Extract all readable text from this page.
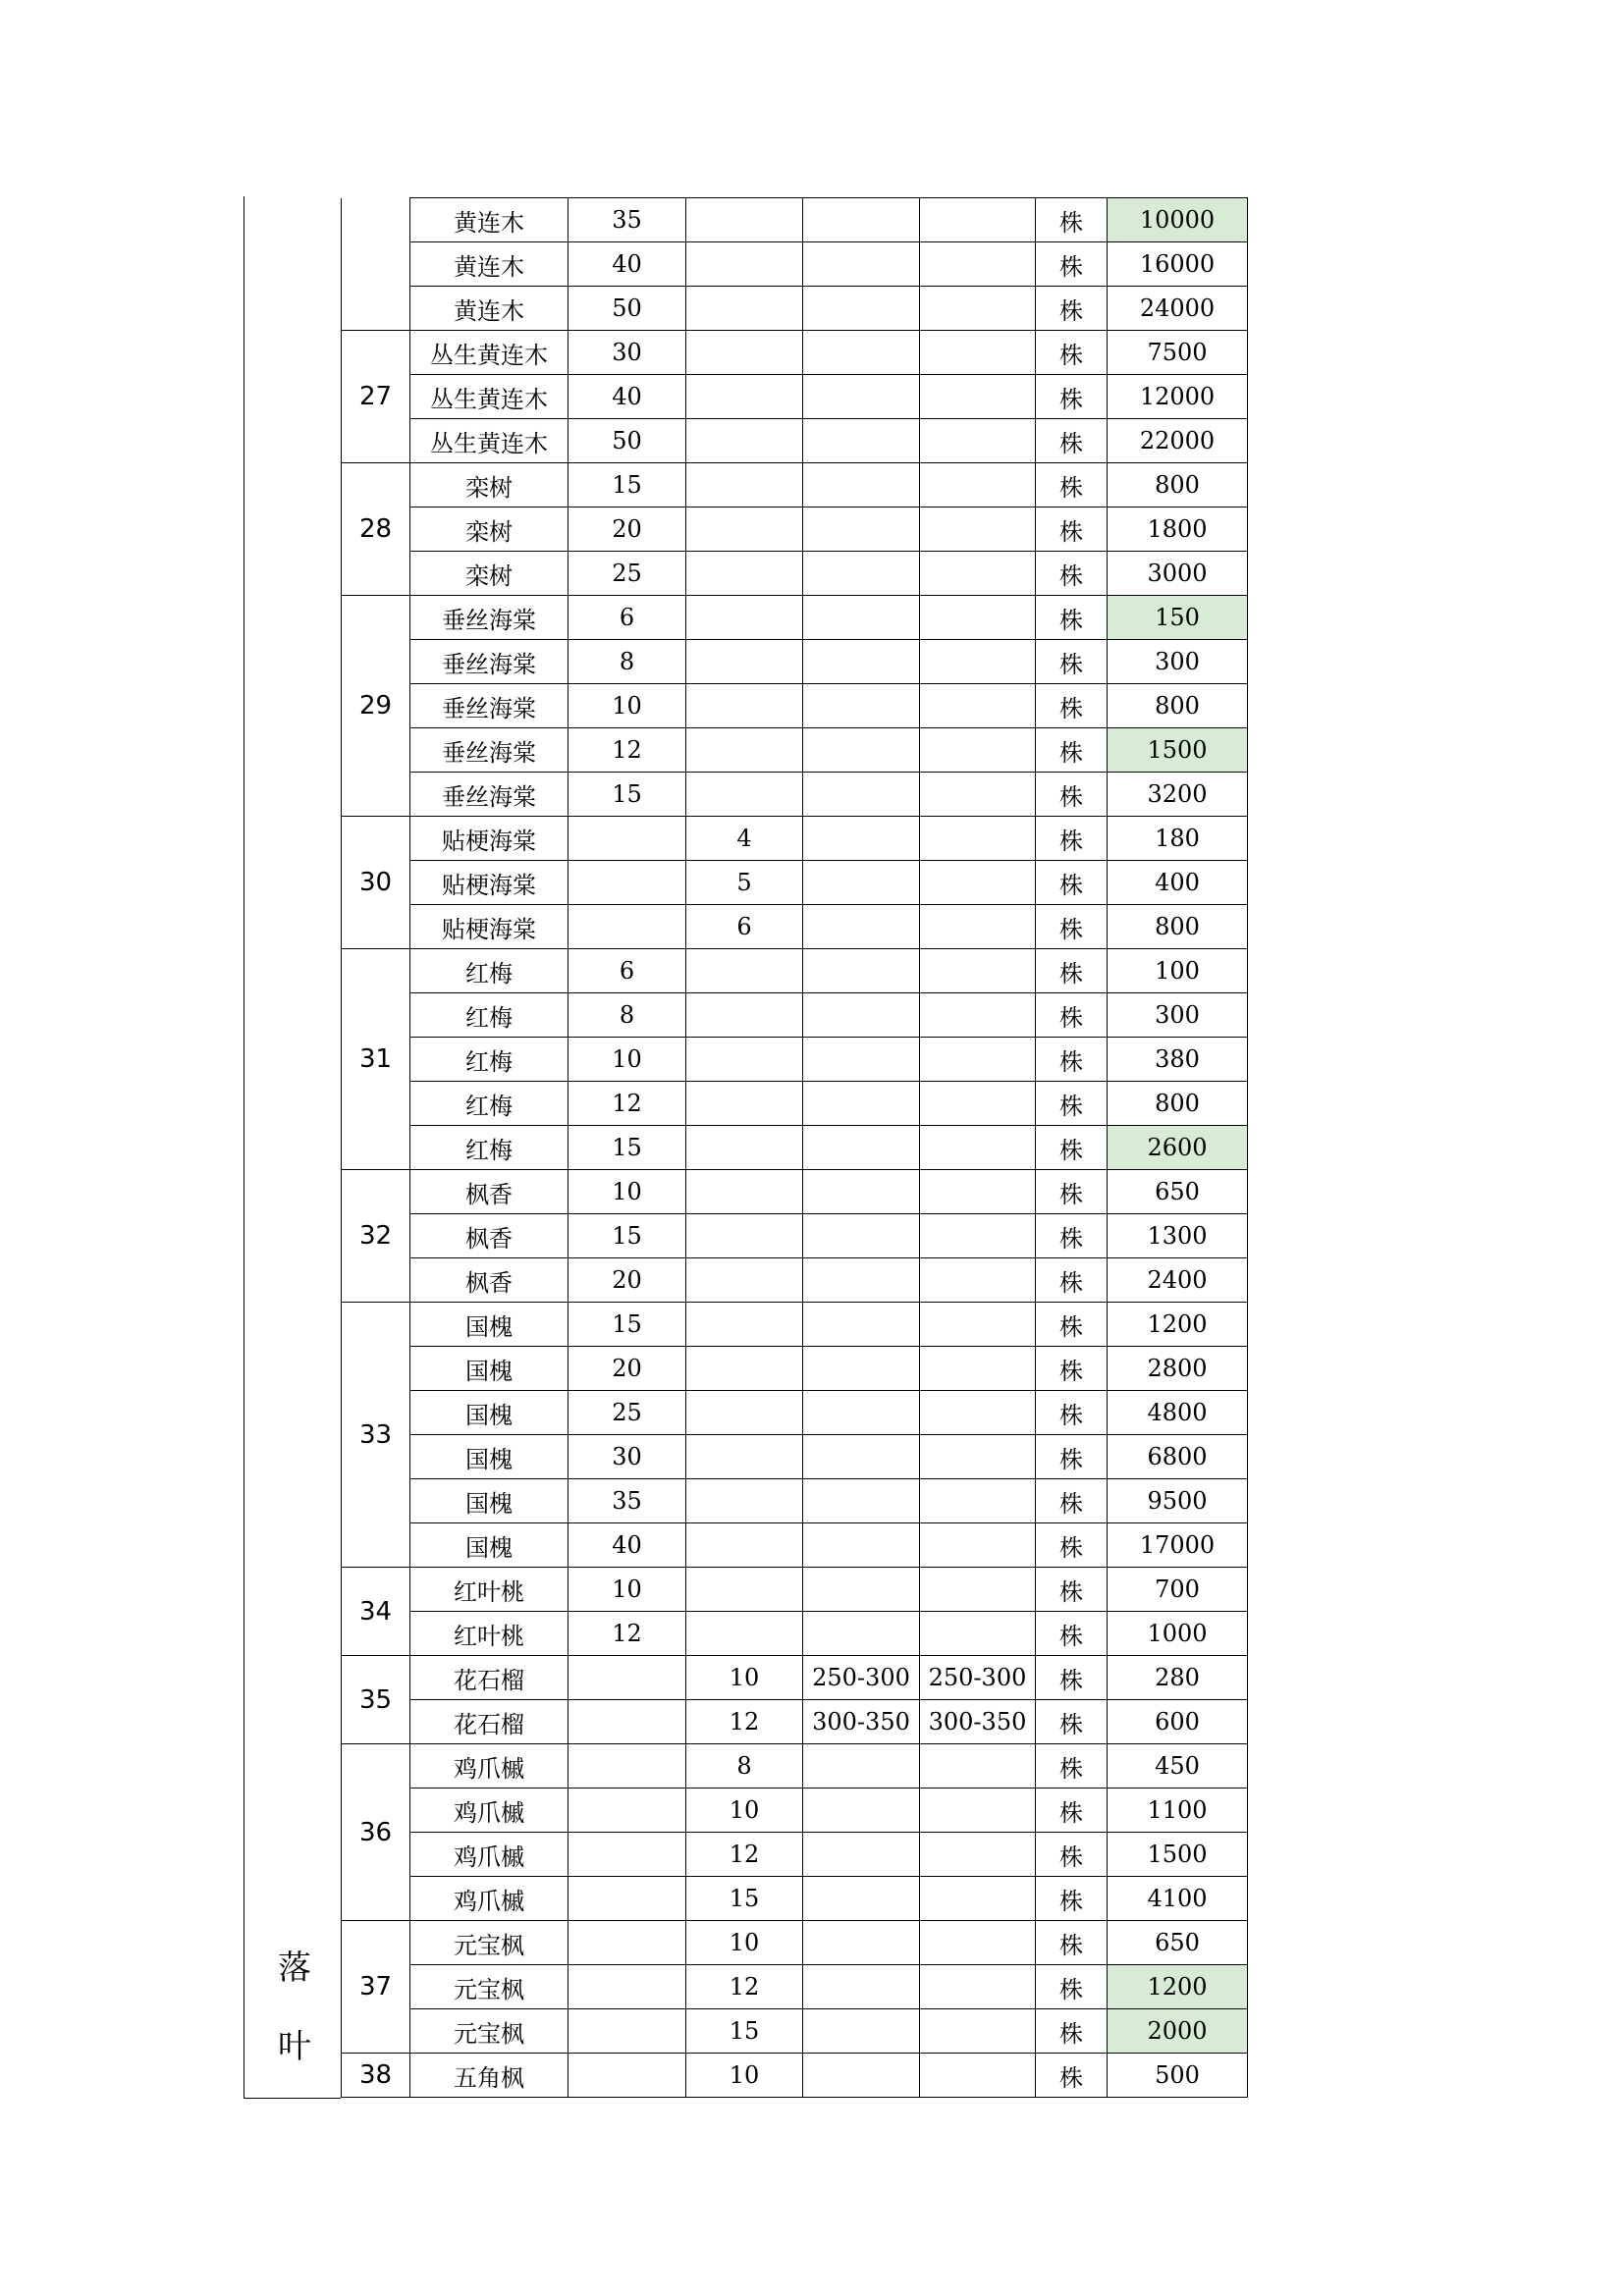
落
叶
	黄连木	35				株	10000
	黄连木	40				株	16000
	黄连木	50				株	24000
27	丛生黄连木	30				株	7500
	丛生黄连木	40				株	12000
	丛生黄连木	50				株	22000
28	栾树	15				株	800
	栾树	20				株	1800
	栾树	25				株	3000
29	垂丝海棠	6				株	150
	垂丝海棠	8				株	300
	垂丝海棠	10				株	800
	垂丝海棠	12				株	1500
	垂丝海棠	15				株	3200
30	贴梗海棠		4			株	180
	贴梗海棠		5			株	400
	贴梗海棠		6			株	800
31	红梅	6				株	100
	红梅	8				株	300
	红梅	10				株	380
	红梅	12				株	800
	红梅	15				株	2600
32	枫香	10				株	650
	枫香	15				株	1300
	枫香	20				株	2400
33	国槐	15				株	1200
	国槐	20				株	2800
	国槐	25				株	4800
	国槐	30				株	6800
	国槐	35				株	9500
	国槐	40				株	17000
34	红叶桃	10				株	700
	红叶桃	12				株	1000
35	花石榴		10	250-300	250-300	株	280
	花石榴		12	300-350	300-350	株	600
36	鸡爪槭		8			株	450
	鸡爪槭		10			株	1100
	鸡爪槭		12			株	1500
	鸡爪槭		15			株	4100
37	元宝枫		10			株	650
	元宝枫		12			株	1200
	元宝枫		15			株	2000
38	五角枫		10			株	500
